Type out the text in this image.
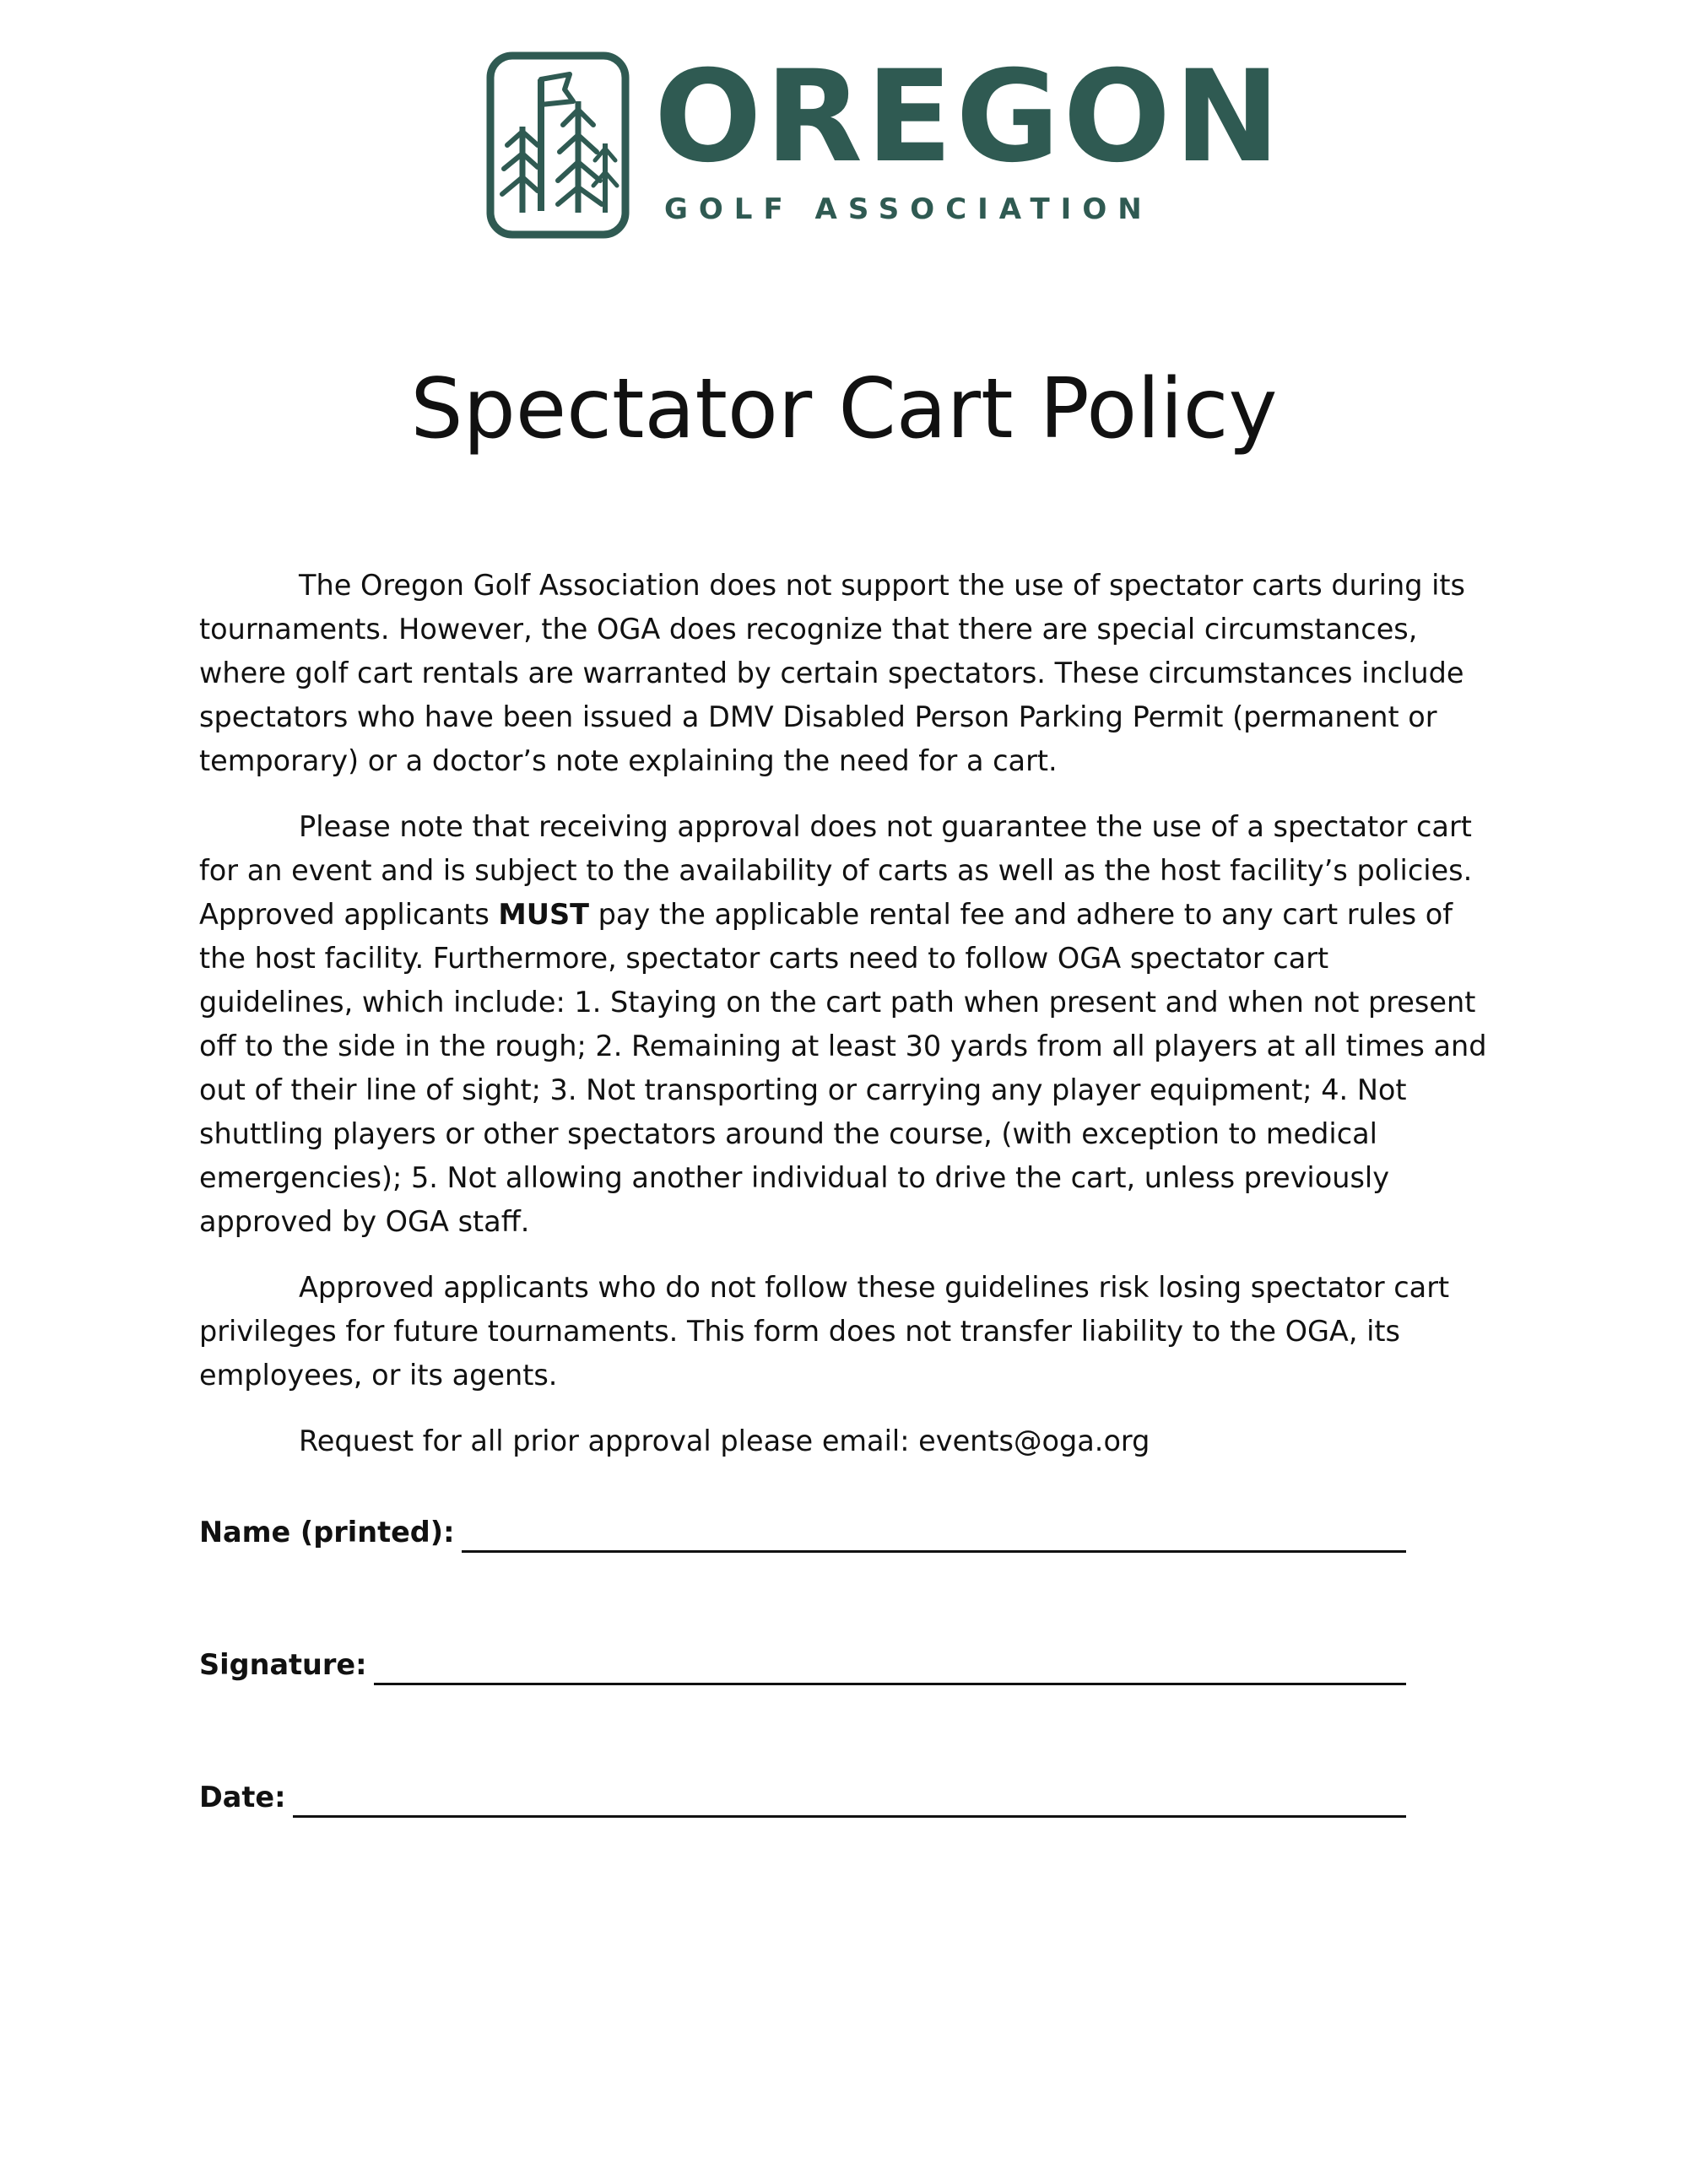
OREGON
GOLF ASSOCIATION
Spectator Cart Policy

The Oregon Golf Association does not support the use of spectator carts during its tournaments. However, the OGA does recognize that there are special circumstances, where golf cart rentals are warranted by certain spectators. These circumstances include spectators who have been issued a DMV Disabled Person Parking Permit (permanent or temporary) or a doctor’s note explaining the need for a cart.

Please note that receiving approval does not guarantee the use of a spectator cart for an event and is subject to the availability of carts as well as the host facility’s policies. Approved applicants MUST pay the applicable rental fee and adhere to any cart rules of the host facility. Furthermore, spectator carts need to follow OGA spectator cart guidelines, which include: 1. Staying on the cart path when present and when not present off to the side in the rough; 2. Remaining at least 30 yards from all players at all times and out of their line of sight; 3. Not transporting or carrying any player equipment; 4. Not shuttling players or other spectators around the course, (with exception to medical emergencies); 5. Not allowing another individual to drive the cart, unless previously approved by OGA staff.

Approved applicants who do not follow these guidelines risk losing spectator cart privileges for future tournaments. This form does not transfer liability to the OGA, its employees, or its agents.

Request for all prior approval please email: events@oga.org

Name (printed):
Signature:
Date:
